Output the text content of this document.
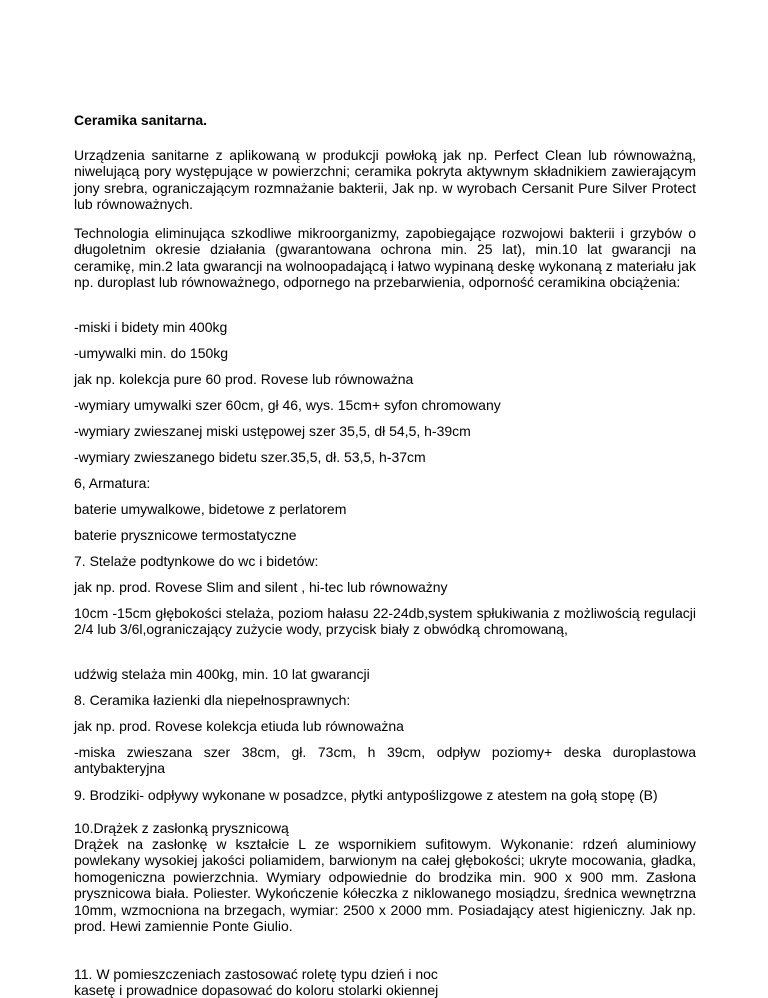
Ceramika sanitarna.

Urządzenia sanitarne z aplikowaną w produkcji powłoką jak np. Perfect Clean lub równoważną, niwelującą pory występujące w powierzchni; ceramika pokryta aktywnym składnikiem zawierającym jony srebra, ograniczającym rozmnażanie bakterii, Jak np. w wyrobach Cersanit Pure Silver Protect lub równoważnych.

Technologia eliminująca szkodliwe mikroorganizmy, zapobiegające rozwojowi bakterii i grzybów o długoletnim okresie działania (gwarantowana ochrona min. 25 lat), min.10 lat gwarancji na ceramikę, min.2 lata gwarancji na wolnoopadającą i łatwo wypinaną deskę wykonaną z materiału jak np. duroplast lub równoważnego, odpornego na przebarwienia, odporność ceramikina obciążenia:

-miski i bidety min 400kg

-umywalki min. do 150kg

jak np. kolekcja pure 60 prod. Rovese lub równoważna

-wymiary umywalki szer 60cm, gł 46, wys. 15cm+ syfon chromowany

-wymiary zwieszanej miski ustępowej szer 35,5, dł 54,5, h-39cm

-wymiary zwieszanego bidetu szer.35,5, dł. 53,5, h-37cm

6, Armatura:

baterie umywalkowe, bidetowe z perlatorem

baterie prysznicowe termostatyczne

7. Stelaże podtynkowe do wc i bidetów:

jak np. prod. Rovese Slim and silent , hi-tec lub równoważny

10cm -15cm głębokości stelaża, poziom hałasu 22-24db,system spłukiwania z możliwością regulacji 2/4 lub 3/6l,ograniczający zużycie wody, przycisk biały z obwódką chromowaną,

udźwig stelaża min 400kg, min. 10 lat gwarancji

8. Ceramika łazienki dla niepełnosprawnych:

jak np. prod. Rovese kolekcja etiuda lub równoważna

-miska zwieszana szer 38cm, gł. 73cm, h 39cm, odpływ poziomy+ deska duroplastowa antybakteryjna

9. Brodziki- odpływy wykonane w posadzce, płytki antypoślizgowe z atestem na gołą stopę (B)

10.Drążek z zasłonką prysznicową

Drążek na zasłonkę w kształcie L ze wspornikiem sufitowym. Wykonanie: rdzeń aluminiowy powlekany wysokiej jakości poliamidem, barwionym na całej głębokości; ukryte mocowania, gładka, homogeniczna powierzchnia. Wymiary odpowiednie do brodzika min. 900 x 900 mm. Zasłona prysznicowa biała. Poliester. Wykończenie kółeczka z niklowanego mosiądzu, średnica wewnętrzna 10mm, wzmocniona na brzegach, wymiar: 2500 x 2000 mm. Posiadający atest higieniczny. Jak np. prod. Hewi zamiennie Ponte Giulio.

11. W pomieszczeniach zastosować roletę typu dzień i noc

kasetę i prowadnice dopasować do koloru stolarki okiennej
